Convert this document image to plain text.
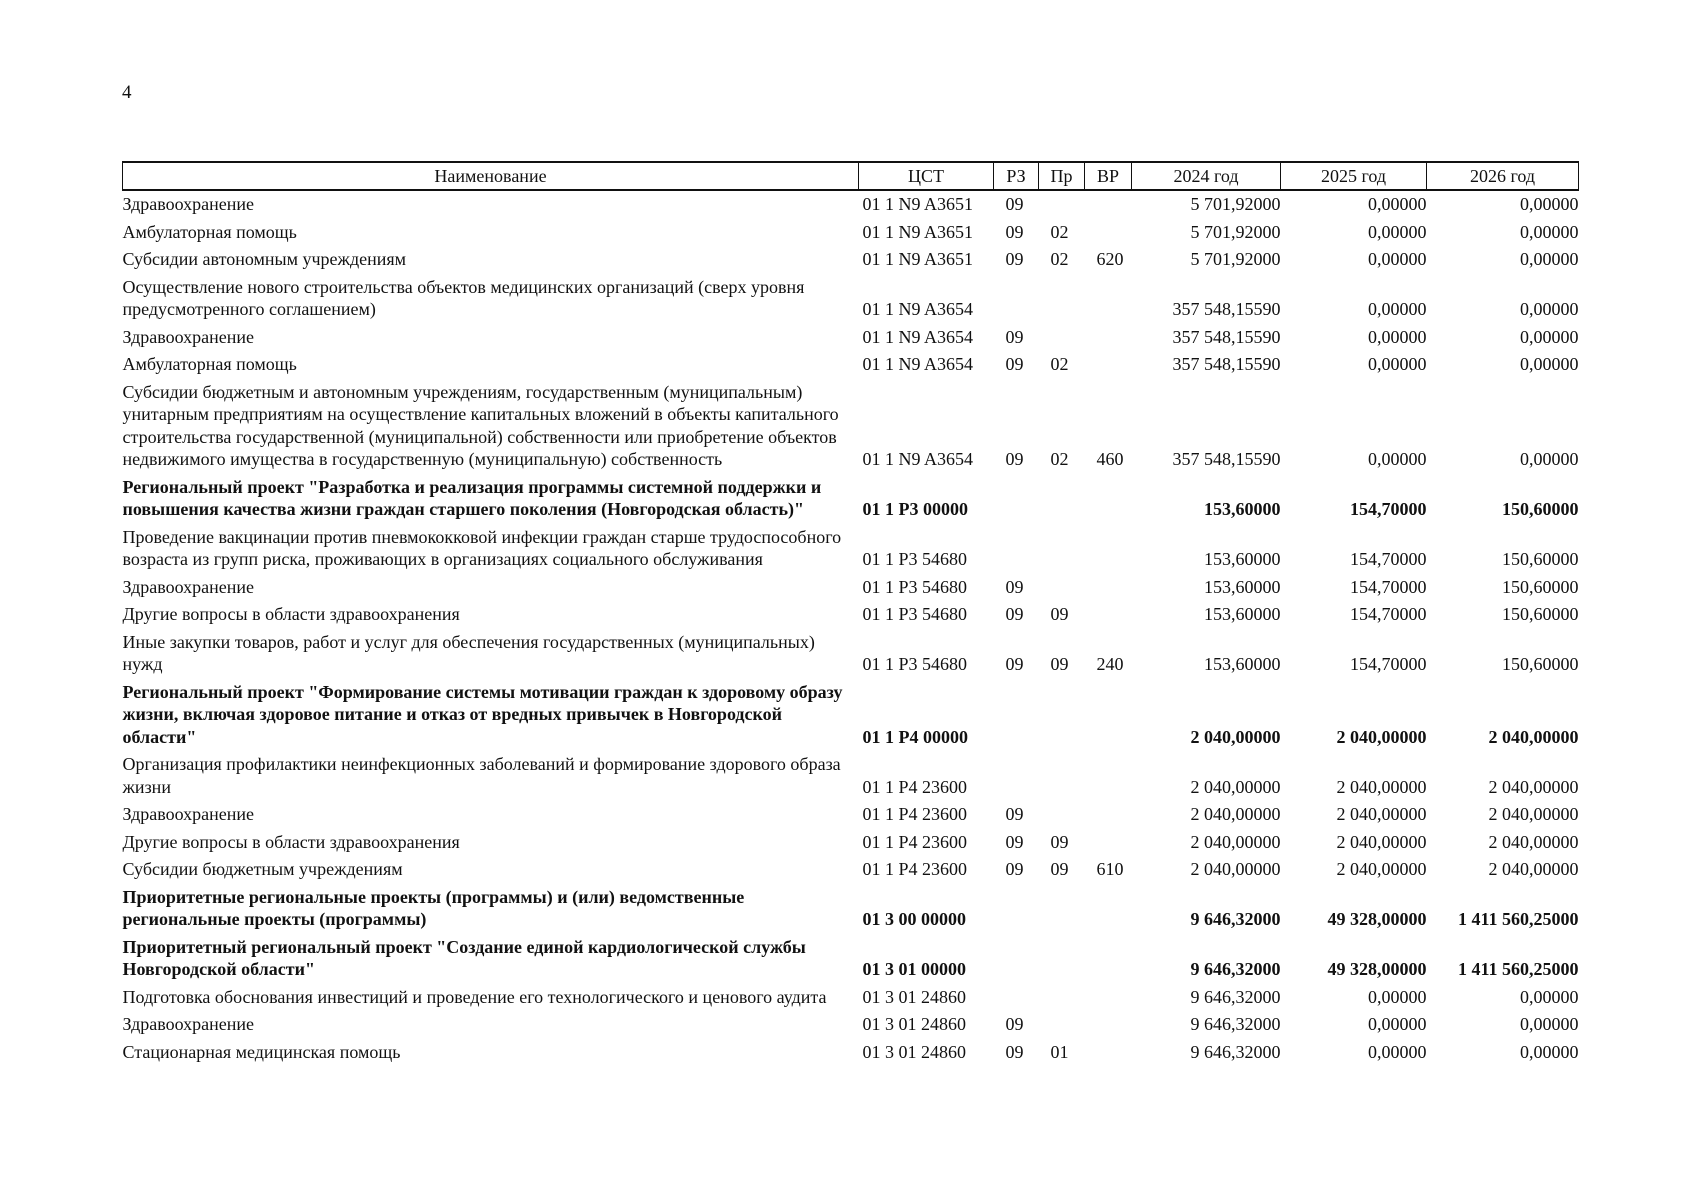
4
Наименование	ЦСТ	РЗ	Пр	ВР	2024 год	2025 год	2026 год
Здравоохранение	01 1 N9 A3651	09			5 701,92000	0,00000	0,00000
Амбулаторная помощь	01 1 N9 A3651	09	02		5 701,92000	0,00000	0,00000
Субсидии автономным учреждениям	01 1 N9 A3651	09	02	620	5 701,92000	0,00000	0,00000
Осуществление нового строительства объектов медицинских организаций (сверх уровня предусмотренного соглашением)	01 1 N9 A3654				357 548,15590	0,00000	0,00000
Здравоохранение	01 1 N9 A3654	09			357 548,15590	0,00000	0,00000
Амбулаторная помощь	01 1 N9 A3654	09	02		357 548,15590	0,00000	0,00000
Субсидии бюджетным и автономным учреждениям, государственным (муниципальным) унитарным предприятиям на осуществление капитальных вложений в объекты капитального строительства государственной (муниципальной) собственности или приобретение объектов недвижимого имущества в государственную (муниципальную) собственность	01 1 N9 A3654	09	02	460	357 548,15590	0,00000	0,00000
Региональный проект "Разработка и реализация программы системной поддержки и повышения качества жизни граждан старшего поколения (Новгородская область)"	01 1 P3 00000				153,60000	154,70000	150,60000
Проведение вакцинации против пневмококковой инфекции граждан старше трудоспособного возраста из групп риска, проживающих в организациях социального обслуживания	01 1 P3 54680				153,60000	154,70000	150,60000
Здравоохранение	01 1 P3 54680	09			153,60000	154,70000	150,60000
Другие вопросы в области здравоохранения	01 1 P3 54680	09	09		153,60000	154,70000	150,60000
Иные закупки товаров, работ и услуг для обеспечения государственных (муниципальных) нужд	01 1 P3 54680	09	09	240	153,60000	154,70000	150,60000
Региональный проект "Формирование системы мотивации граждан к здоровому образу жизни, включая здоровое питание и отказ от вредных привычек в Новгородской области"	01 1 P4 00000				2 040,00000	2 040,00000	2 040,00000
Организация профилактики неинфекционных заболеваний и формирование здорового образа жизни	01 1 P4 23600				2 040,00000	2 040,00000	2 040,00000
Здравоохранение	01 1 P4 23600	09			2 040,00000	2 040,00000	2 040,00000
Другие вопросы в области здравоохранения	01 1 P4 23600	09	09		2 040,00000	2 040,00000	2 040,00000
Субсидии бюджетным учреждениям	01 1 P4 23600	09	09	610	2 040,00000	2 040,00000	2 040,00000
Приоритетные региональные проекты (программы) и (или) ведомственные региональные проекты (программы)	01 3 00 00000				9 646,32000	49 328,00000	1 411 560,25000
Приоритетный региональный проект "Создание единой кардиологической службы Новгородской области"	01 3 01 00000				9 646,32000	49 328,00000	1 411 560,25000
Подготовка обоснования инвестиций и проведение его технологического и ценового аудита	01 3 01 24860				9 646,32000	0,00000	0,00000
Здравоохранение	01 3 01 24860	09			9 646,32000	0,00000	0,00000
Стационарная медицинская помощь	01 3 01 24860	09	01		9 646,32000	0,00000	0,00000
